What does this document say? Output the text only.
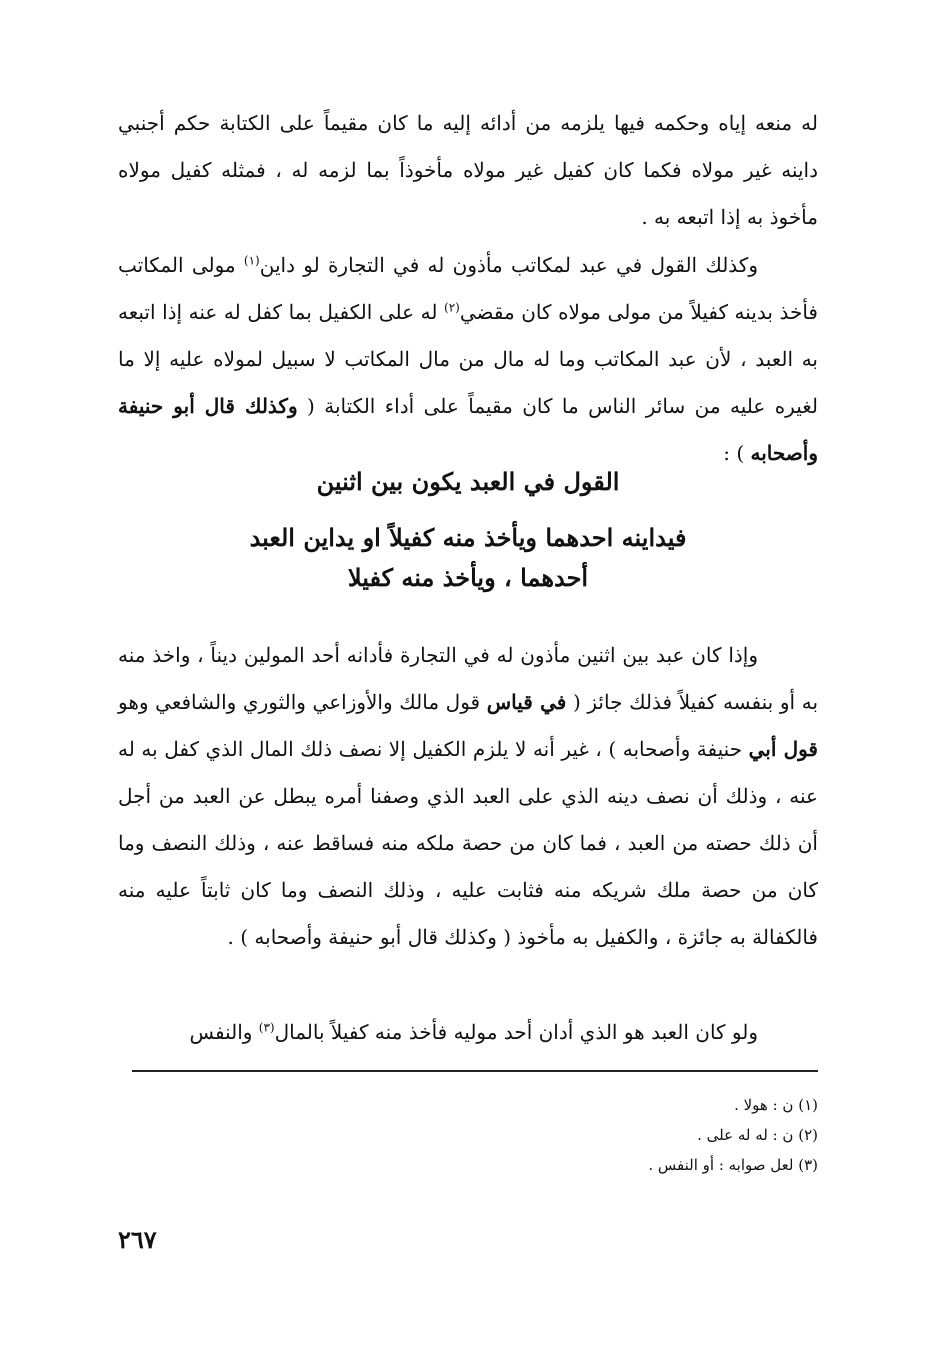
له منعه إياه وحكمه فيها يلزمه من أدائه إليه ما كان مقيماً على الكتابة حكم أجنبي داينه غير مولاه فكما كان كفيل غير مولاه مأخوذاً بما لزمه له ، فمثله كفيل مولاه مأخوذ به إذا اتبعه به .

وكذلك القول في عبد لمكاتب مأذون له في التجارة لو داين$^{(١)}$ مولى المكاتب فأخذ بدينه كفيلاً من مولى مولاه كان مقضي$^{(٢)}$ له على الكفيل بما كفل له عنه إذا اتبعه به العبد ، لأن عبد المكاتب وما له مال من مال المكاتب لا سبيل لمولاه عليه إلا ما لغيره عليه من سائر الناس ما كان مقيماً على أداء الكتابة ( وكذلك قال أبو حنيفة وأصحابه ) :

القول في العبد يكون بين اثنين
فيداينه احدهما ويأخذ منه كفيلاً او يداين العبد
أحدهما ، ويأخذ منه كفيلا

وإذا كان عبد بين اثنين مأذون له في التجارة فأدانه أحد المولين ديناً ، واخذ منه به أو بنفسه كفيلاً فذلك جائز ( في قياس قول مالك والأوزاعي والثوري والشافعي وهو قول أبي حنيفة وأصحابه ) ، غير أنه لا يلزم الكفيل إلا نصف ذلك المال الذي كفل به له عنه ، وذلك أن نصف دينه الذي على العبد الذي وصفنا أمره يبطل عن العبد من أجل أن ذلك حصته من العبد ، فما كان من حصة ملكه منه فساقط عنه ، وذلك النصف وما كان من حصة ملك شريكه منه فثابت عليه ، وذلك النصف وما كان ثابتاً عليه منه فالكفالة به جائزة ، والكفيل به مأخوذ ( وكذلك قال أبو حنيفة وأصحابه ) .

ولو كان العبد هو الذي أدان أحد موليه فأخذ منه كفيلاً بالمال$^{(٣)}$ والنفس

(١) ن : هولا .
(٢) ن : له له على .
(٣) لعل صوابه : أو النفس .
٢٦٧
